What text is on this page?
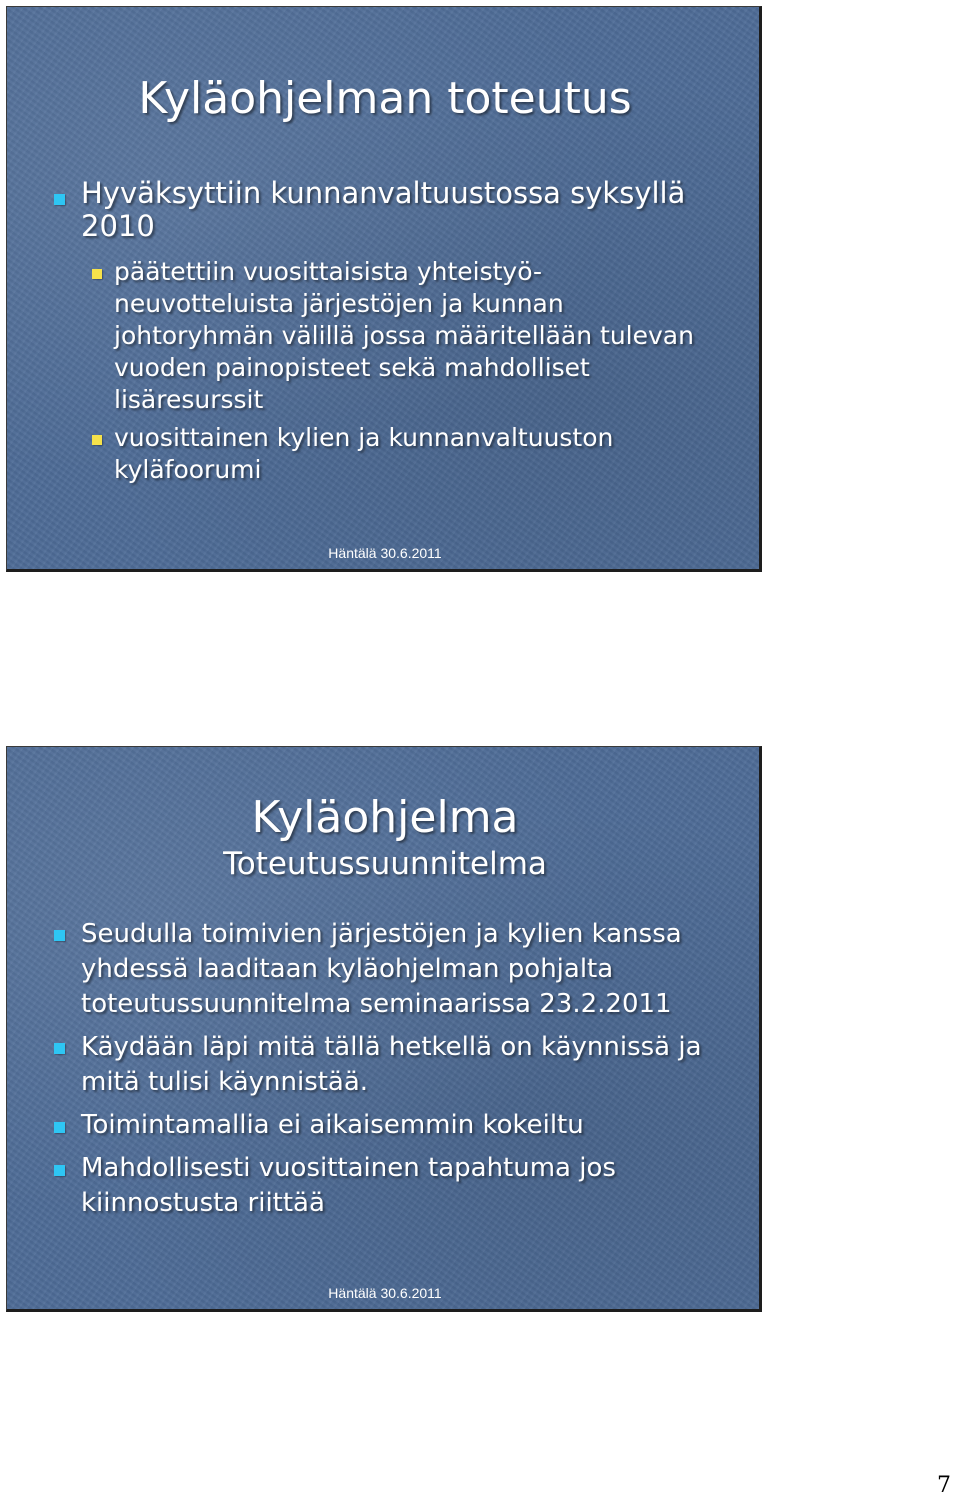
Kyläohjelman toteutus
Hyväksyttiin kunnanvaltuustossa syksyllä
2010
päätettiin vuosittaisista yhteistyö-
neuvotteluista järjestöjen ja kunnan
johtoryhmän välillä jossa määritellään tulevan
vuoden painopisteet sekä mahdolliset
lisäresurssit
vuosittainen kylien ja kunnanvaltuuston
kyläfoorumi
Häntälä 30.6.2011
Kyläohjelma
Toteutussuunnitelma
Seudulla toimivien järjestöjen ja kylien kanssa
yhdessä laaditaan kyläohjelman pohjalta
toteutussuunnitelma seminaarissa 23.2.2011
Käydään läpi mitä tällä hetkellä on käynnissä ja
mitä tulisi käynnistää.
Toimintamallia ei aikaisemmin kokeiltu
Mahdollisesti vuosittainen tapahtuma jos
kiinnostusta riittää
Häntälä 30.6.2011
7
